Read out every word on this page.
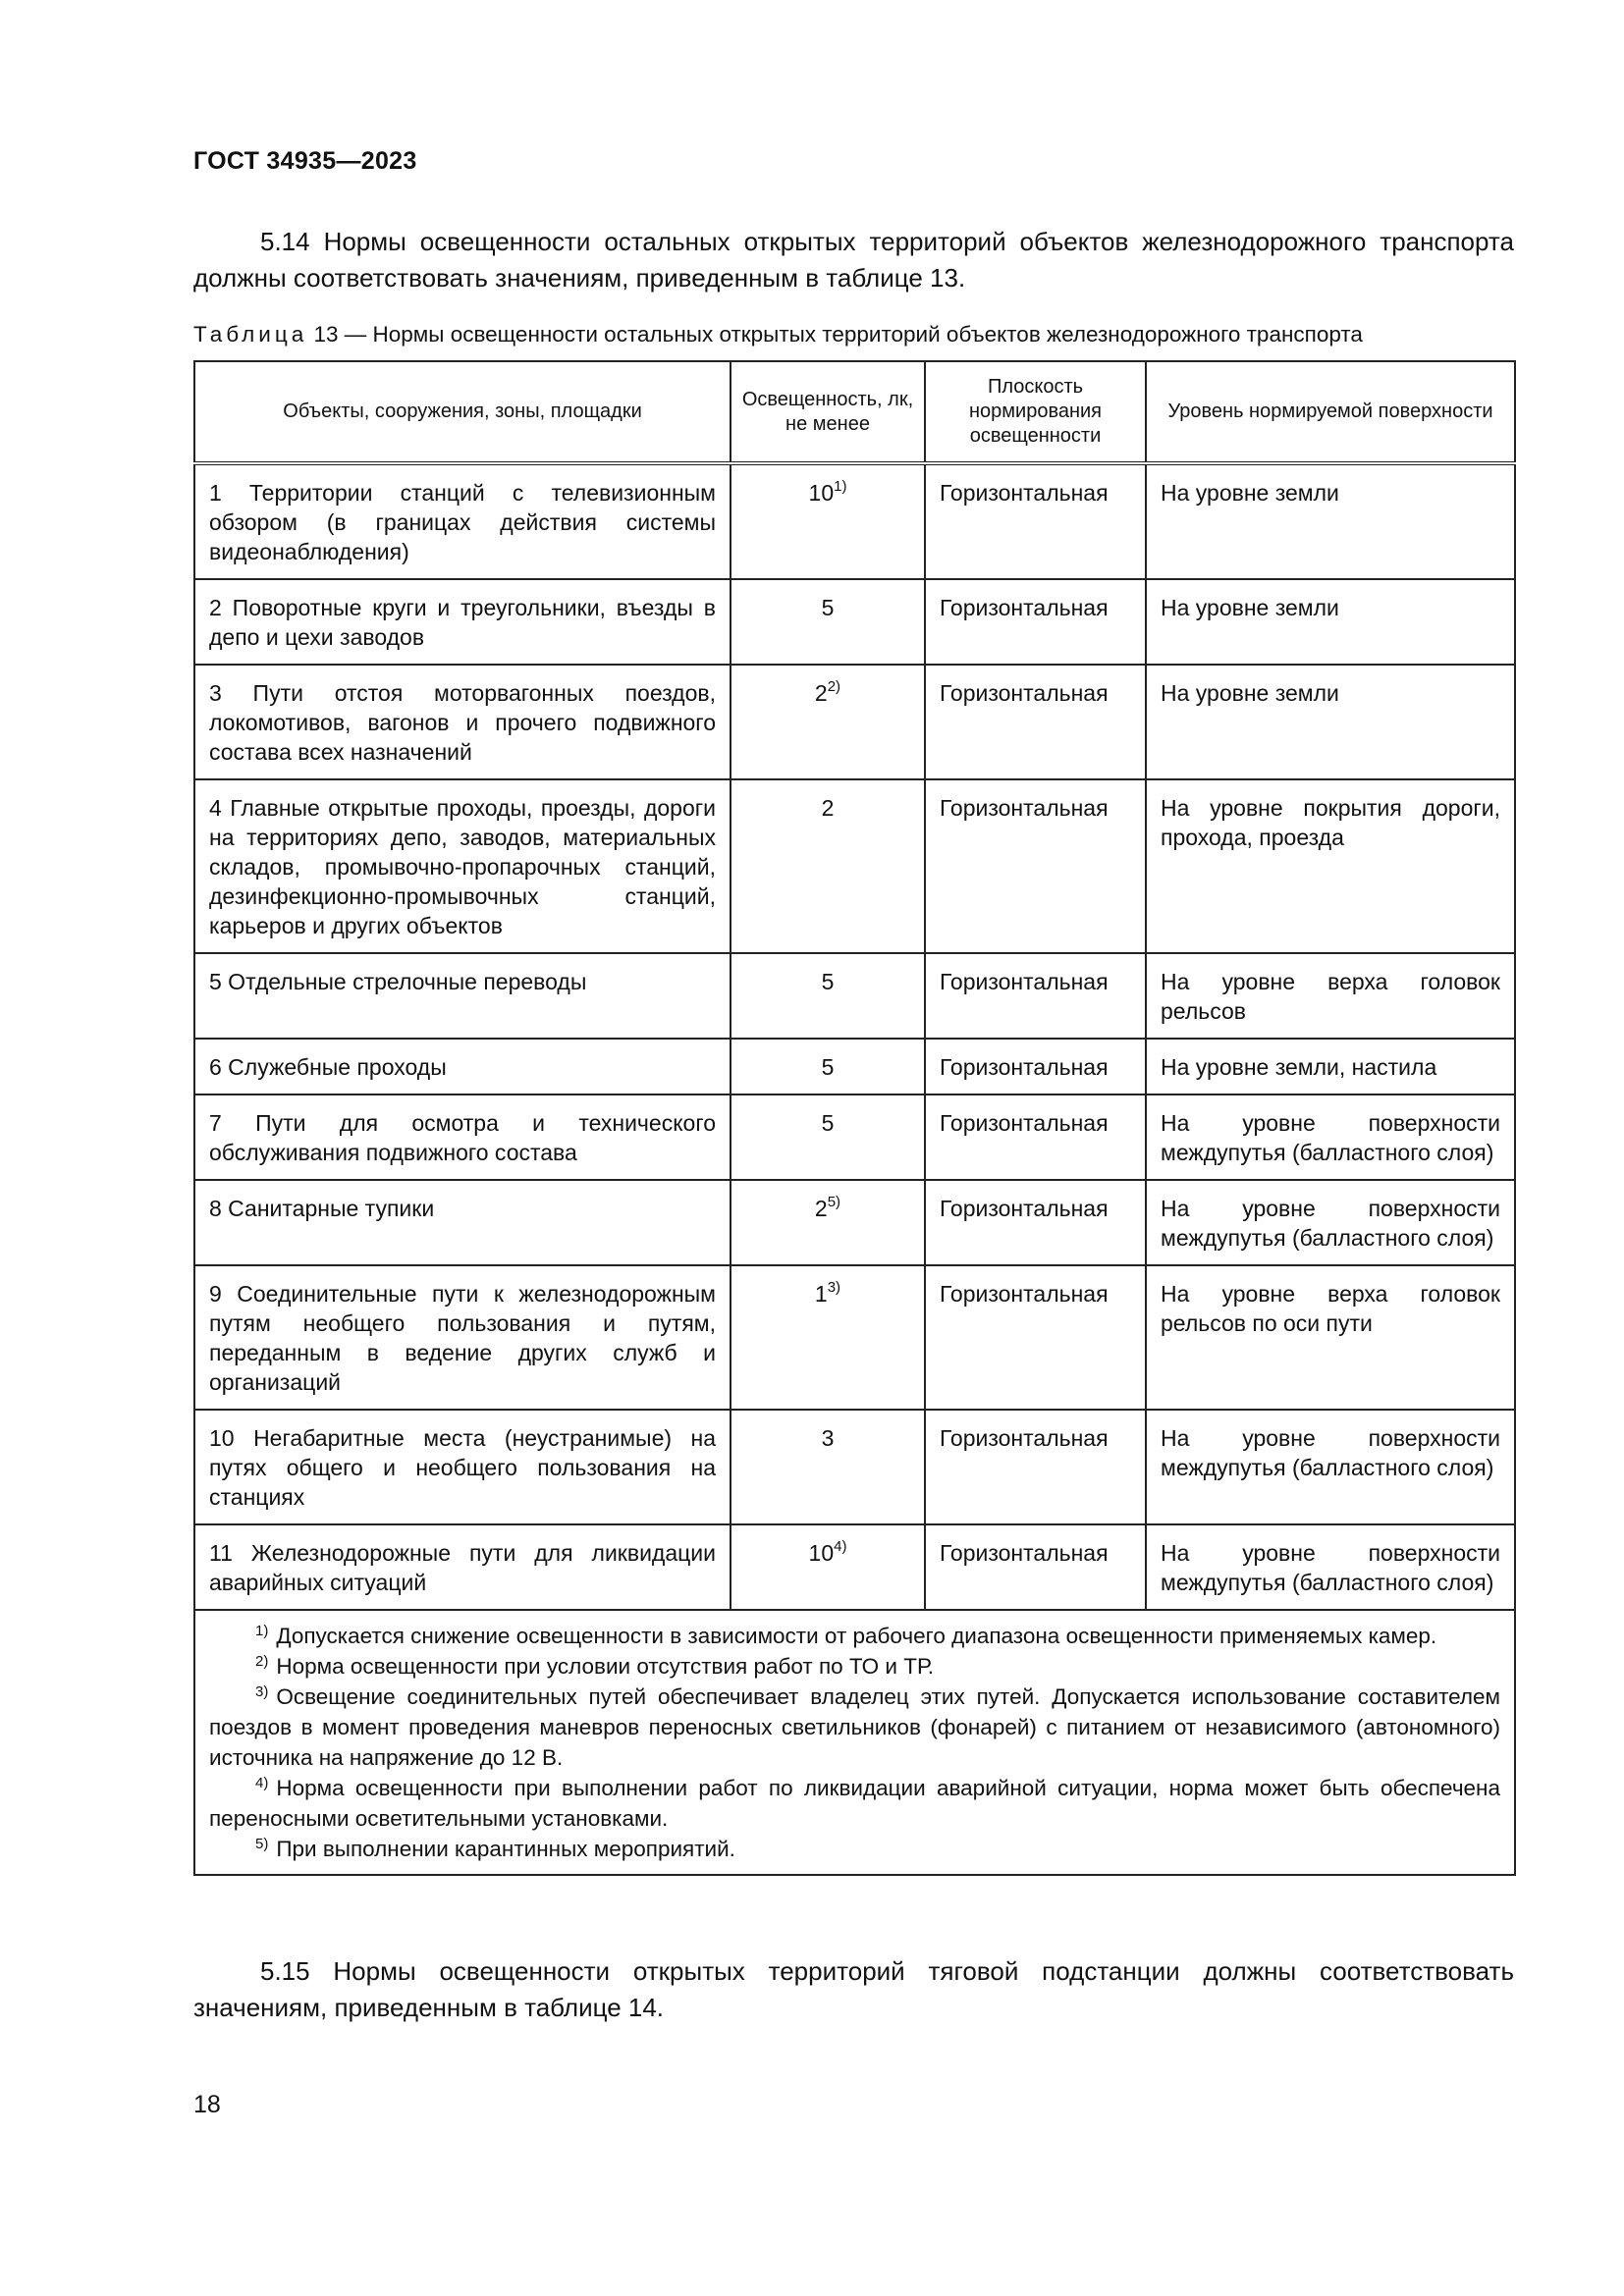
ГОСТ 34935—2023
5.14 Нормы освещенности остальных открытых территорий объектов железнодорожного транспорта должны соответствовать значениям, приведенным в таблице 13.
Таблица 13 — Нормы освещенности остальных открытых территорий объектов железнодорожного транспорта
Объекты, сооружения, зоны, площадки	Освещенность, лк, не менее	Плоскость нормирования освещенности	Уровень нормируемой поверхности
1 Территории станций с телевизионным обзором (в границах действия системы видеонаблюдения)	10$^{1)}$	Горизонтальная	На уровне земли
2 Поворотные круги и треугольники, въезды в депо и цехи заводов	5	Горизонтальная	На уровне земли
3 Пути отстоя моторвагонных поездов, локомотивов, вагонов и прочего подвижного состава всех назначений	2$^{2)}$	Горизонтальная	На уровне земли
4 Главные открытые проходы, проезды, дороги на территориях депо, заводов, материальных складов, промывочно-пропарочных станций, дезинфекционно-промывочных станций, карьеров и других объектов	2	Горизонтальная	На уровне покрытия дороги, прохода, проезда
5 Отдельные стрелочные переводы	5	Горизонтальная	На уровне верха головок рельсов
6 Служебные проходы	5	Горизонтальная	На уровне земли, настила
7 Пути для осмотра и технического обслуживания подвижного состава	5	Горизонтальная	На уровне поверхности междупутья (балластного слоя)
8 Санитарные тупики	2$^{5)}$	Горизонтальная	На уровне поверхности междупутья (балластного слоя)
9 Соединительные пути к железнодорожным путям необщего пользования и путям, переданным в ведение других служб и организаций	1$^{3)}$	Горизонтальная	На уровне верха головок рельсов по оси пути
10 Негабаритные места (неустранимые) на путях общего и необщего пользования на станциях	3	Горизонтальная	На уровне поверхности междупутья (балластного слоя)
11 Железнодорожные пути для ликвидации аварийных ситуаций	10$^{4)}$	Горизонтальная	На уровне поверхности междупутья (балластного слоя)

1) Допускается снижение освещенности в зависимости от рабочего диапазона освещенности применяемых камер.
2) Норма освещенности при условии отсутствия работ по ТО и ТР.
3) Освещение соединительных путей обеспечивает владелец этих путей. Допускается использование составителем поездов в момент проведения маневров переносных светильников (фонарей) с питанием от независимого (автономного) источника на напряжение до 12 В.
4) Норма освещенности при выполнении работ по ликвидации аварийной ситуации, норма может быть обеспечена переносными осветительными установками.
5) При выполнении карантинных мероприятий.			
5.15 Нормы освещенности открытых территорий тяговой подстанции должны соответствовать значениям, приведенным в таблице 14.
18
